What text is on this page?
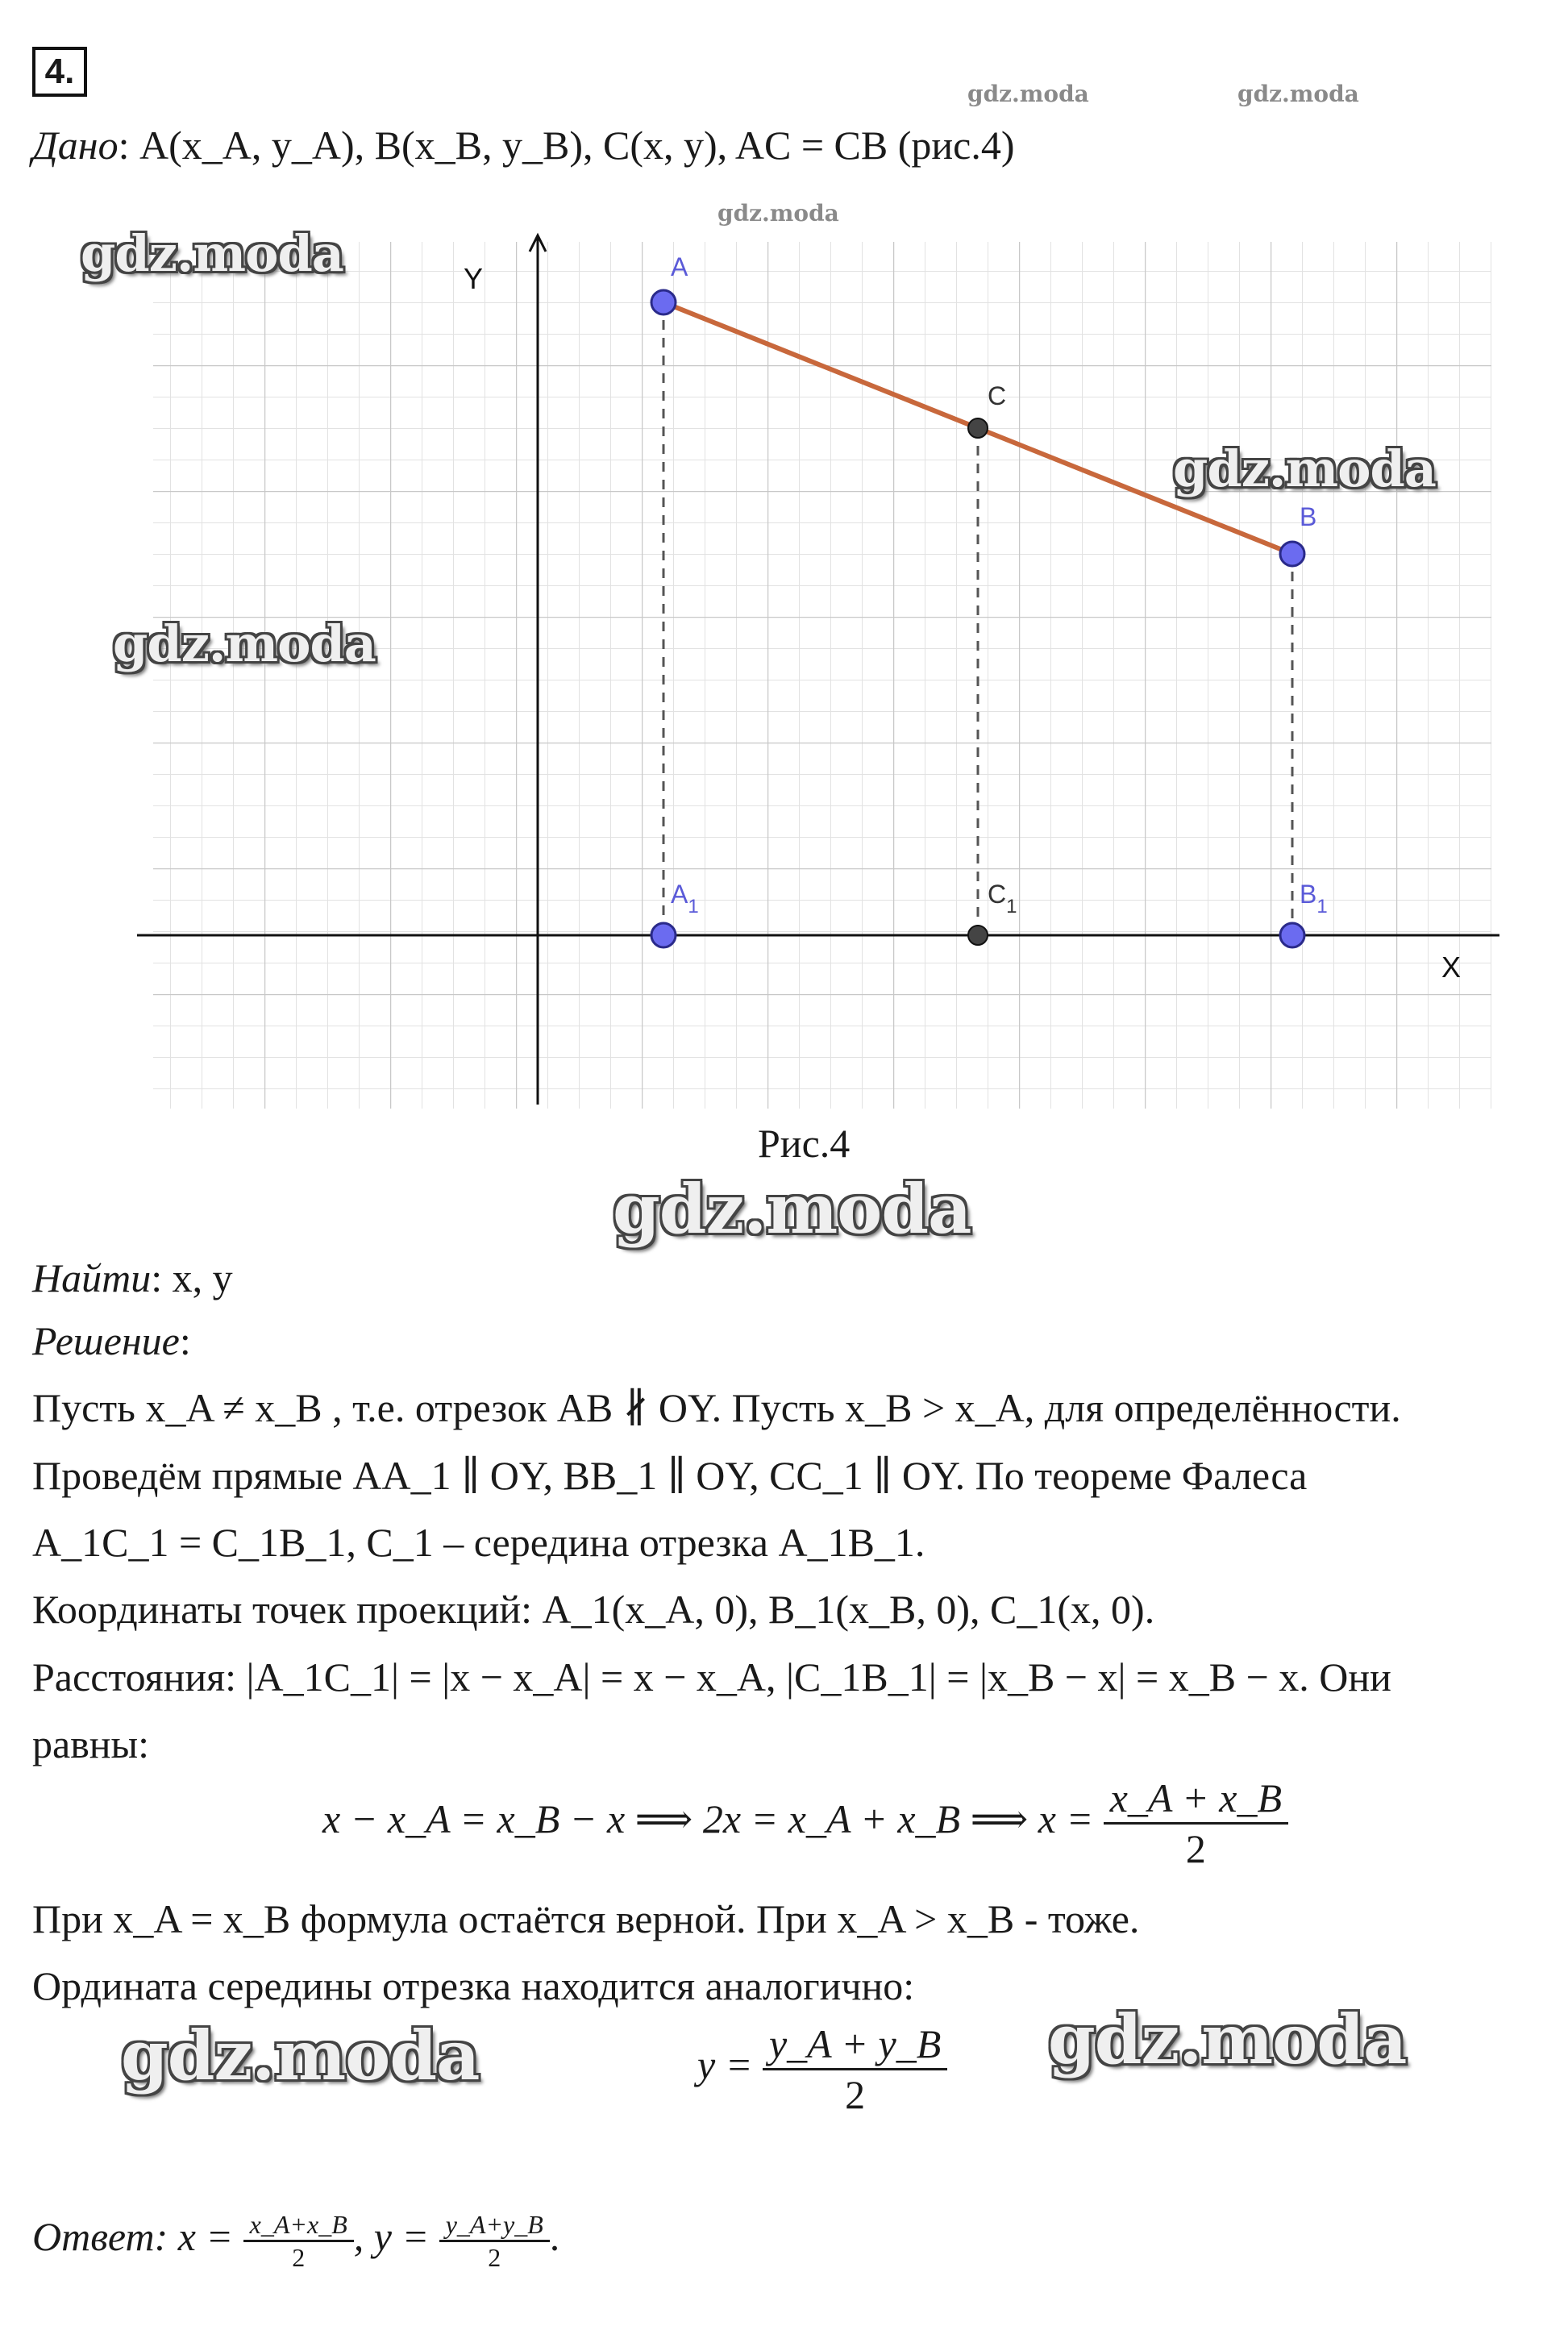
4.
gdz.moda	gdz.moda
gdz.moda
Дано: A(x_A, y_A), B(x_B, y_B), C(x, y), AC = CB (рис.4)
X
Y	A
B
C
$A_1$	$C_1$	$B_1$
gdz.moda
gdz.moda
gdz.moda
Рис.4
gdz.moda
Найти: x, y
Решение:
Пусть x_A ≠ x_B , т.е. отрезок AB ∦ OY. Пусть x_B > x_A, для определённости.
Проведём прямые AA_1 ∥ OY, BB_1 ∥ OY, CC_1 ∥ OY. По теореме Фалеса
A_1C_1 = C_1B_1, C_1 – середина отрезка A_1B_1.
Координаты точек проекций: A_1(x_A, 0), B_1(x_B, 0), C_1(x, 0).
Расстояния: |A_1C_1| = |x − x_A| = x − x_A, |C_1B_1| = |x_B − x| = x_B − x. Они
равны:
x − x_A = x_B − x ⟹ 2x = x_A + x_B ⟹ $x = \frac{x\_A + x\_B}{2}$
При x_A = x_B формула остаётся верной. При x_A > x_B - тоже.
Ордината середины отрезка находится аналогично:
gdz.moda	gdz.moda
$y = \frac{y\_A + y\_B}{2}$
Ответ: $x = \frac{x\_A+x\_B}{2}$ , $y = \frac{y\_A+y\_B}{2}$ .
